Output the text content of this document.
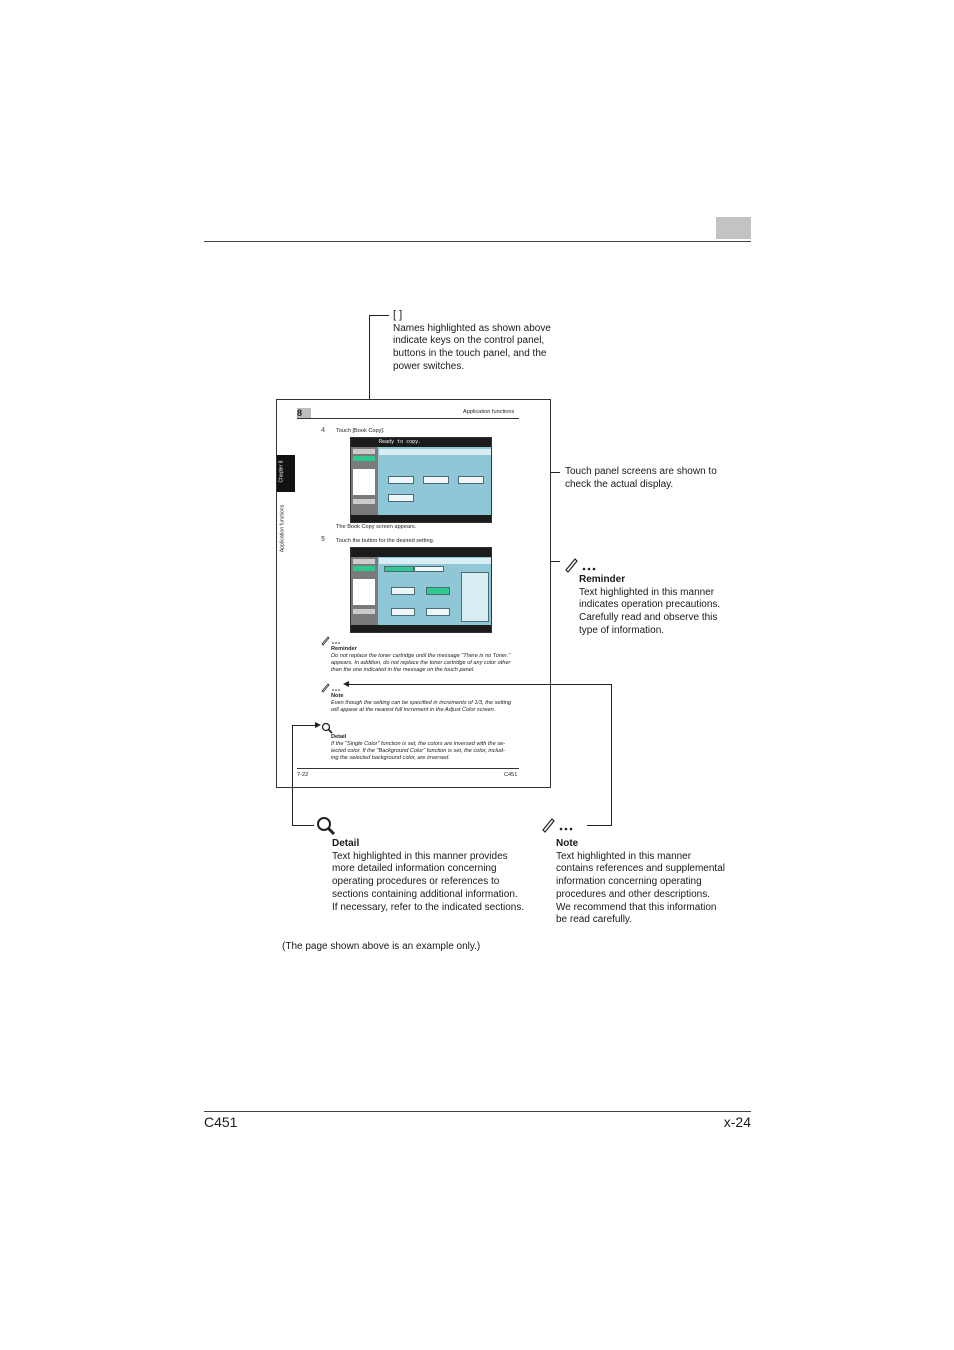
[ ]
Names highlighted as shown above
indicate keys on the control panel,
buttons in the touch panel, and the
power switches.
Touch panel screens are shown to
check the actual display.
Reminder
Text highlighted in this manner
indicates operation precautions.
Carefully read and observe this
type of information.
8	Application functions
Chapter 8
Application functions
4 Touch [Book Copy].
Ready to copy.
The Book Copy screen appears.
5 Touch the button for the desired setting.
Reminder
Do not replace the toner cartridge until the message "There is no Toner."
appears. In addition, do not replace the toner cartridge of any color other
than the one indicated in the message on the touch panel.
Note
Even though the setting can be specified in increments of 1/3, the setting
will appear at the nearest full increment in the Adjust Color screen.
Detail
If the "Single Color" function is set, the colors are inversed with the se-
lected color. If the "Background Color" function is set, the color, includ-
ing the selected background color, are inversed.
7-22	C451
Detail
Text highlighted in this manner provides
more detailed information concerning
operating procedures or references to
sections containing additional information.
If necessary, refer to the indicated sections.
Note
Text highlighted in this manner
contains references and supplemental
information concerning operating
procedures and other descriptions.
We recommend that this information
be read carefully.
(The page shown above is an example only.)
C451	x-24
